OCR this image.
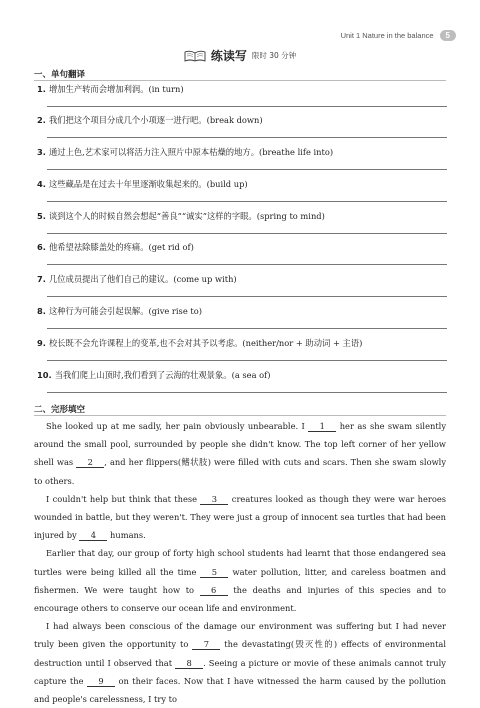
Unit 1 Nature in the balance	5
练读写 限时 30 分钟
一、单句翻译
1. 增加生产转而会增加利润。(in turn)
2. 我们把这个项目分成几个小项逐一进行吧。(break down)
3. 通过上色,艺术家可以将活力注入照片中原本枯燥的地方。(breathe life into)
4. 这些藏品是在过去十年里逐渐收集起来的。(build up)
5. 谈到这个人的时候自然会想起“善良”“诚实”这样的字眼。(spring to mind)
6. 他希望祛除膝盖处的疼痛。(get rid of)
7. 几位成员提出了他们自己的建议。(come up with)
8. 这种行为可能会引起误解。(give rise to)
9. 校长既不会允许课程上的变革,也不会对其予以考虑。(neither/nor + 助动词 + 主语)
10. 当我们爬上山顶时,我们看到了云海的壮观景象。(a sea of)
二、完形填空

She looked up at me sadly, her pain obviously unbearable. I 1 her as she swam silently around the small pool, surrounded by people she didn't know. The top left corner of her yellow shell was 2 , and her flippers(鳍状肢) were filled with cuts and scars. Then she swam slowly to others.

I couldn't help but think that these 3 creatures looked as though they were war heroes wounded in battle, but they weren't. They were just a group of innocent sea turtles that had been injured by 4 humans.

Earlier that day, our group of forty high school students had learnt that those endangered sea turtles were being killed all the time 5 water pollution, litter, and careless boatmen and fishermen. We were taught how to 6 the deaths and injuries of this species and to encourage others to conserve our ocean life and environment.

I had always been conscious of the damage our environment was suffering but I had never truly been given the opportunity to 7 the devastating(毁灭性的) effects of environmental destruction until I observed that 8 . Seeing a picture or movie of these animals cannot truly capture the 9 on their faces. Now that I have witnessed the harm caused by the pollution and people's carelessness, I try to
